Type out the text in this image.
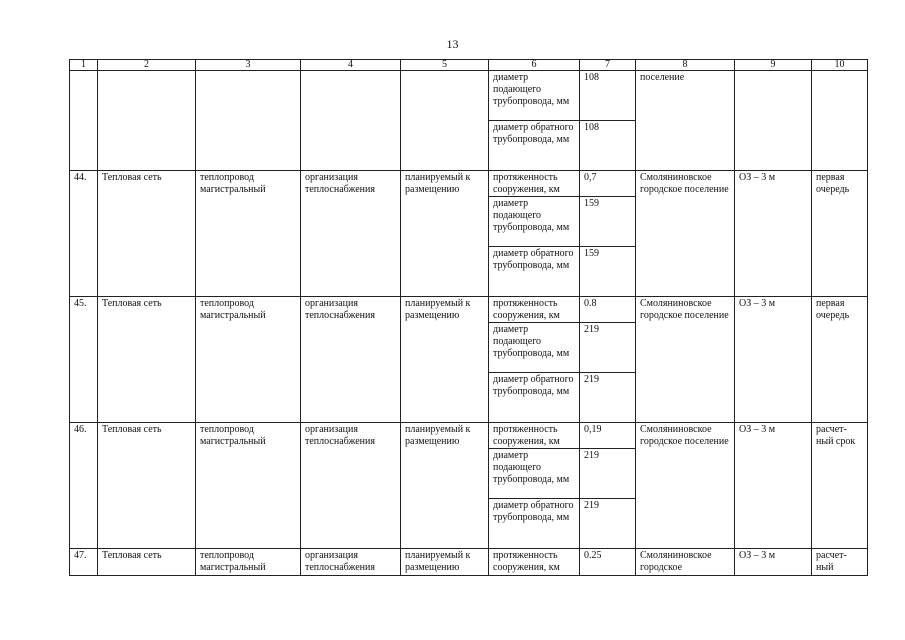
13
1	2	3	4	5	6	7	8	9	10
					диаметр подающего трубопровода, мм	108	поселение		
					диаметр обратного трубопровода, мм	108			
44.	Тепловая сеть	теплопровод магистральный	организация теплоснабжения	планируемый к размещению	протяженность сооружения, км	0,7	Смоляниновское городское поселение	ОЗ – 3 м	первая очередь
					диаметр подающего трубопровода, мм	159			
					диаметр обратного трубопровода, мм	159			
45.	Тепловая сеть	теплопровод магистральный	организация теплоснабжения	планируемый к размещению	протяженность сооружения, км	0.8	Смоляниновское городское поселение	ОЗ – 3 м	первая очередь
					диаметр подающего трубопровода, мм	219			
					диаметр обратного трубопровода, мм	219			
46.	Тепловая сеть	теплопровод магистральный	организация теплоснабжения	планируемый к размещению	протяженность сооружения, км	0,19	Смоляниновское городское поселение	ОЗ – 3 м	расчет-ный срок
					диаметр подающего трубопровода, мм	219			
					диаметр обратного трубопровода, мм	219			
47.	Тепловая сеть	теплопровод магистральный	организация теплоснабжения	планируемый к размещению	протяженность сооружения, км	0.25	Смоляниновское городское	ОЗ – 3 м	расчет-ный
